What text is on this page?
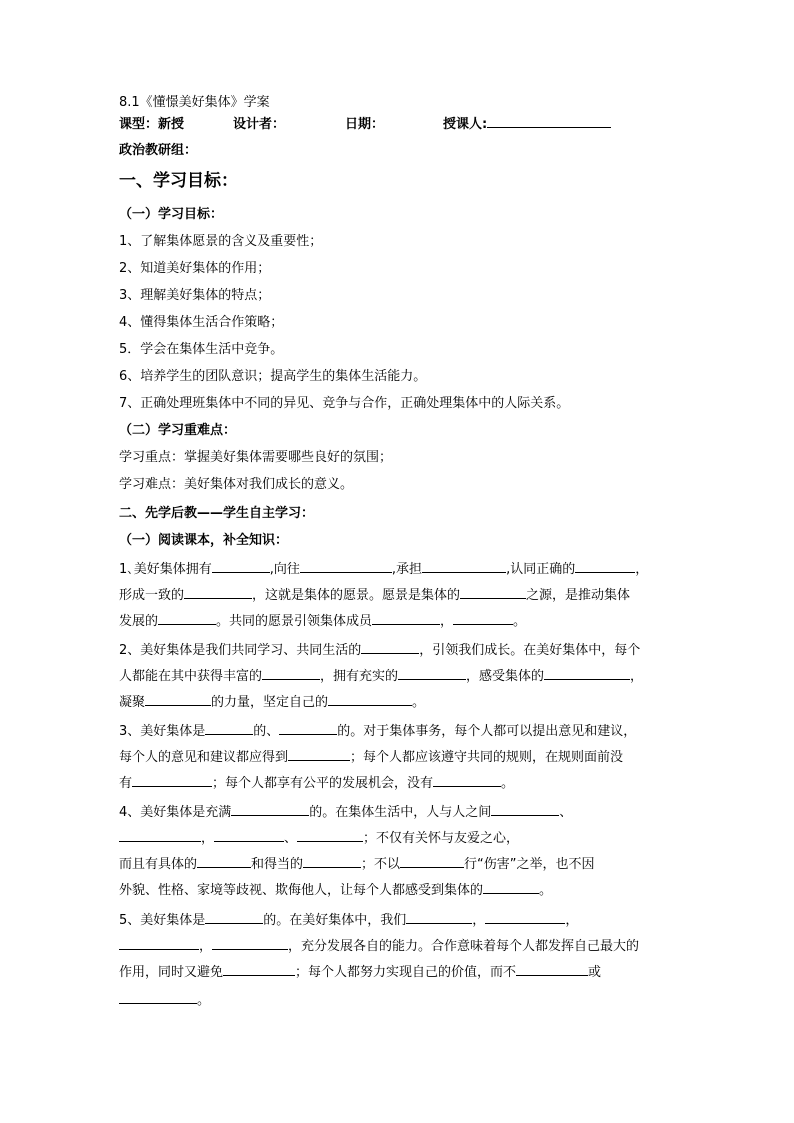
8.1《懂憬美好集体》学案
课型：新授	设计者：	日期：	授课人:
政治教研组：
一、学习目标：
（一）学习目标：
1、了解集体愿景的含义及重要性；
2、知道美好集体的作用；
3、理解美好集体的特点；
4、懂得集体生活合作策略；
5．学会在集体生活中竞争。
6、培养学生的团队意识；提高学生的集体生活能力。
7、正确处理班集体中不同的异见、竞争与合作，正确处理集体中的人际关系。
（二）学习重难点：
学习重点：掌握美好集体需要哪些良好的氛围；
学习难点：美好集体对我们成长的意义。
二、先学后教——学生自主学习：
（一）阅读课本，补全知识：
1､美好集体拥有	,向往	,承担	,认同正确的	，
形成一致的	，这就是集体的愿景。愿景是集体的	之源，是推动集体
发展的	。共同的愿景引领集体成员	，	。
2、美好集体是我们共同学习、共同生活的	，引领我们成长。在美好集体中，每个
人都能在其中获得丰富的	，拥有充实的	，感受集体的	，
凝聚	的力量，坚定自己的	。
3、美好集体是	的、	的。对于集体事务，每个人都可以提出意见和建议，
每个人的意见和建议都应得到	；每个人都应该遵守共同的规则，在规则面前没
有	；每个人都享有公平的发展机会，没有	。
4、美好集体是充满	的。在集体生活中，人与人之间	、
，	、	；不仅有关怀与友爱之心，
而且有具体的	和得当的	；不以	行“伤害”之举，也不因
外貌、性格、家境等歧视、欺侮他人，让每个人都感受到集体的	。
5、美好集体是	的。在美好集体中，我们	，	，
，	，充分发展各自的能力。合作意味着每个人都发挥自己最大的
作用，同时又避免	；每个人都努力实现自己的价值，而不	或
。
